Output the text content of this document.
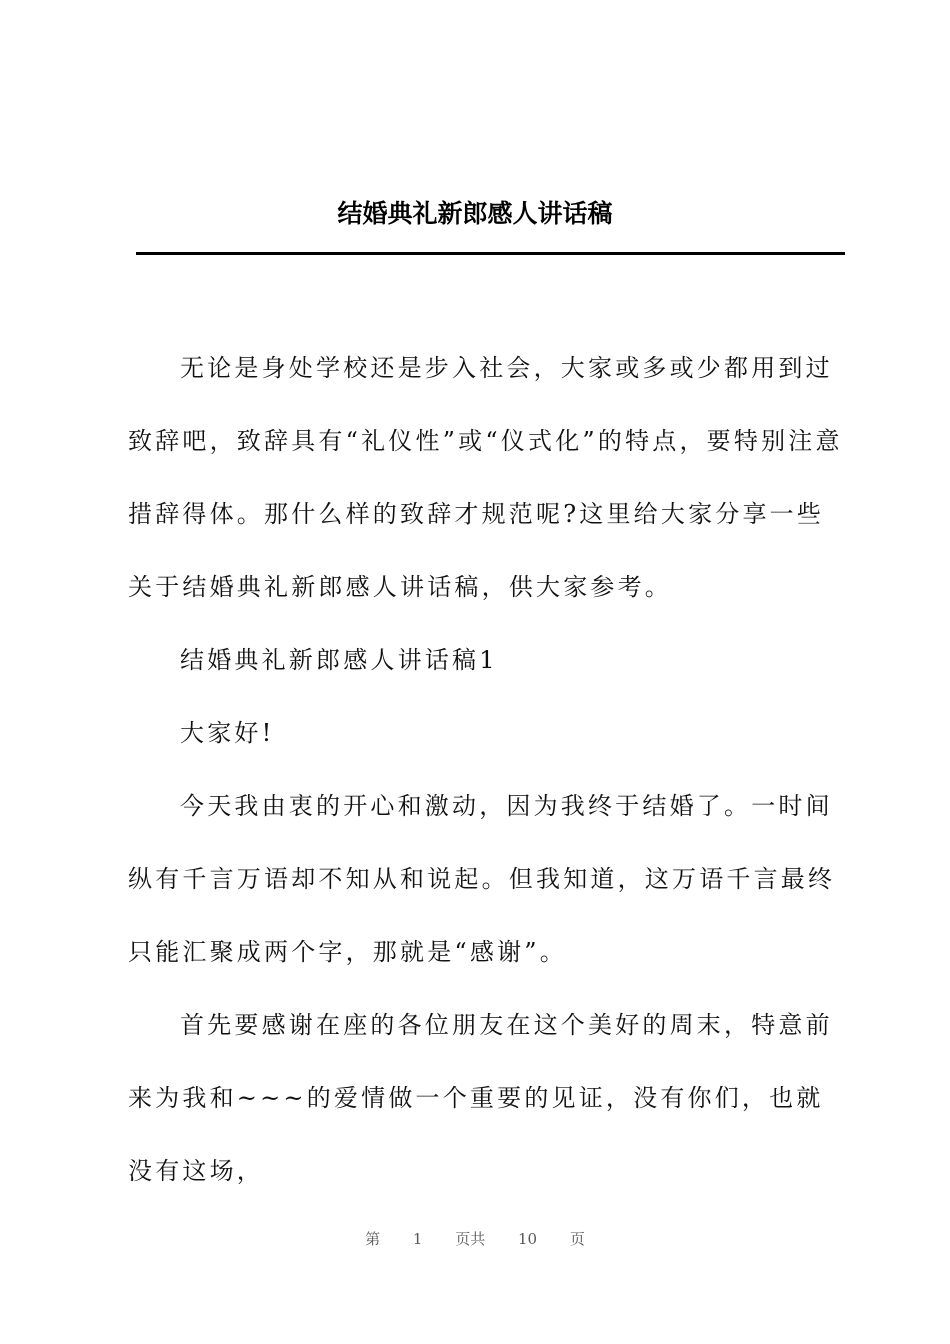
结婚典礼新郎感人讲话稿

无论是身处学校还是步入社会，大家或多或少都用到过致辞吧，致辞具有“礼仪性”或“仪式化”的特点，要特别注意措辞得体。那什么样的致辞才规范呢?这里给大家分享一些关于结婚典礼新郎感人讲话稿，供大家参考。

结婚典礼新郎感人讲话稿1

大家好!

今天我由衷的开心和激动，因为我终于结婚了。一时间纵有千言万语却不知从和说起。但我知道，这万语千言最终只能汇聚成两个字，那就是“感谢”。

首先要感谢在座的各位朋友在这个美好的周末，特意前来为我和~~~的爱情做一个重要的见证，没有你们，也就没有这场，

第 1 页共 10 页
